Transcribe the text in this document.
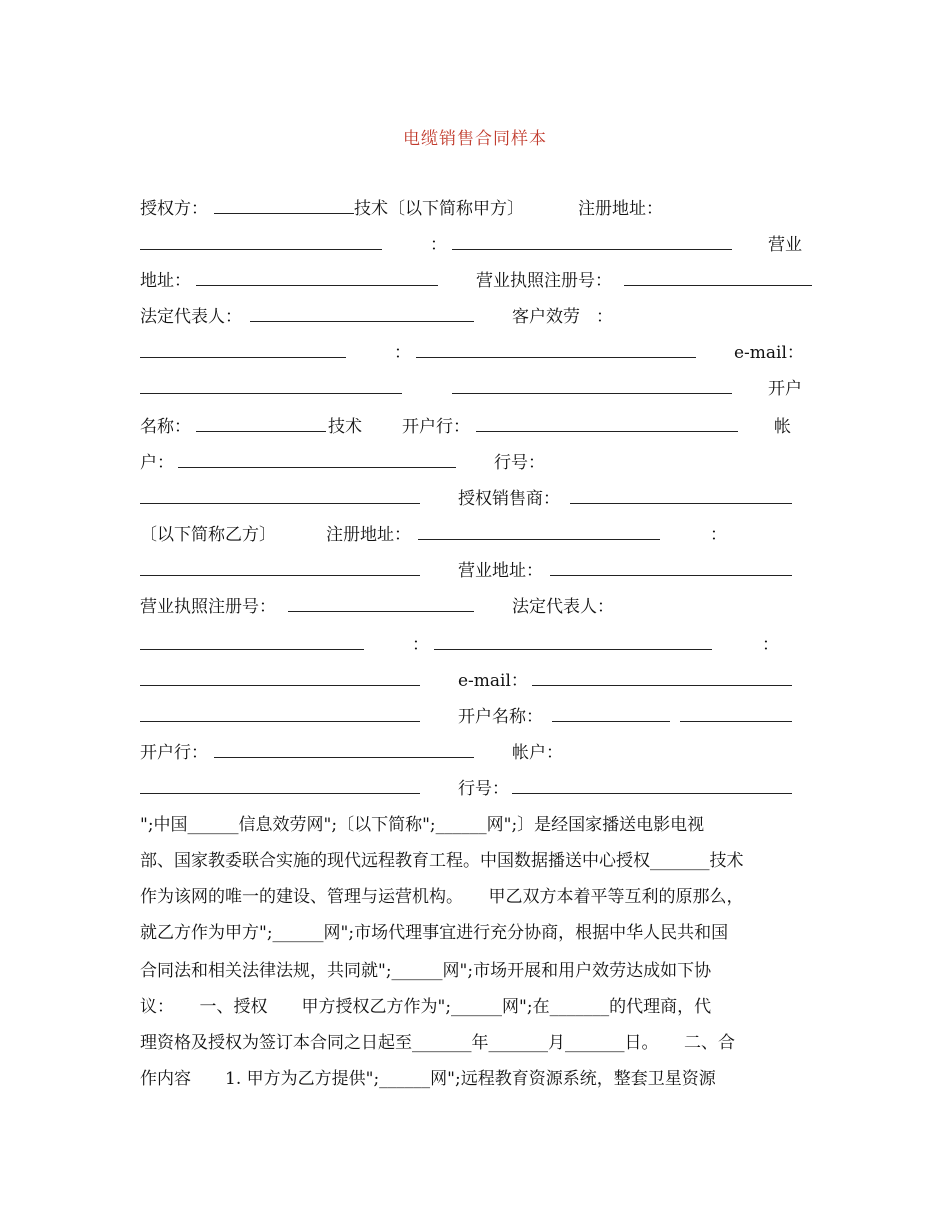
电缆销售合同样本
授权方：	技术〔以下简称甲方〕	注册地址：
：	营业
地址：	营业执照注册号：
法定代表人：	客户效劳 ：
：	e-mail：
开户
名称：	技术 开户行：	帐
户：	行号：
授权销售商：
〔以下简称乙方〕	注册地址：	：
营业地址：
营业执照注册号：	法定代表人：
：	：
e-mail：
开户名称：
开户行：	帐户：
行号：
";中国______信息效劳网";〔以下简称";______网";〕是经国家播送电影电视
部、国家教委联合实施的现代远程教育工程。中国数据播送中心授权_______技术
作为该网的唯一的建设、管理与运营机构。　　甲乙双方本着平等互利的原那么，
就乙方作为甲方";______网";市场代理事宜进行充分协商，根据中华人民共和国
合同法和相关法律法规，共同就";______网";市场开展和用户效劳达成如下协
议：　　一、授权　　甲方授权乙方作为";______网";在_______的代理商，代
理资格及授权为签订本合同之日起至_______年_______月_______日。　　二、合
作内容　　1. 甲方为乙方提供";______网";远程教育资源系统，整套卫星资源
